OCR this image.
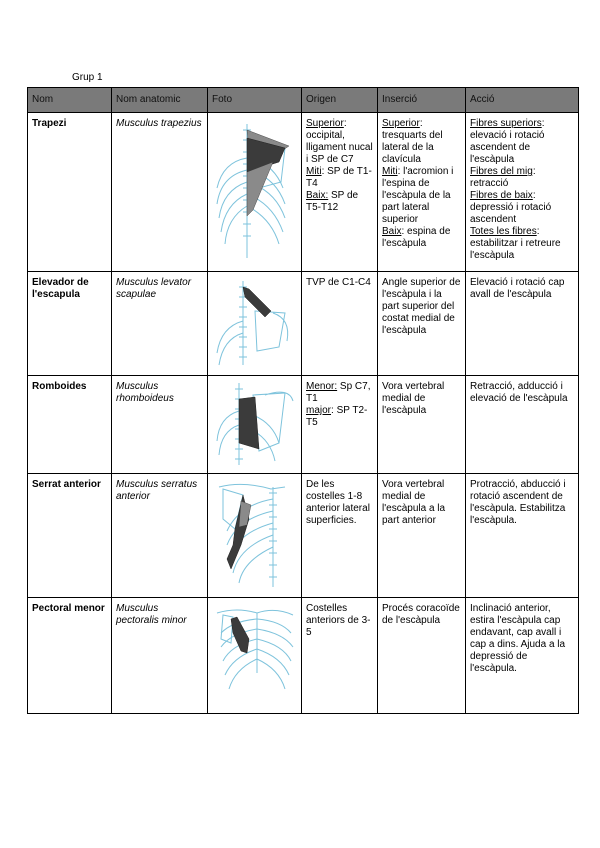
Grup 1
Nom	Nom anatomic	Foto	Origen	Inserció	Acció
Trapezi	Musculus trapezius		Superior: occipital, lligament nucal i SP de C7
Miti: SP de T1-T4
Baix: SP de T5-T12	Superior: tresquarts del lateral de la clavícula
Miti: l'acromion i l'espina de l'escàpula de la part lateral superior
Baix: espina de l'escàpula	Fibres superiors: elevació i rotació ascendent de l'escàpula
Fibres del mig: retracció
Fibres de baix: depressió i rotació ascendent
Totes les fibres: estabilitzar i retreure l'escàpula
Elevador de l'escapula	Musculus levator scapulae		TVP de C1-C4	Angle superior de l'escàpula i la part superior del costat medial de l'escàpula	Elevació i rotació cap avall de l'escàpula
Romboides	Musculus rhomboideus		Menor: Sp C7, T1
major: SP T2-T5	Vora vertebral medial de l'escàpula	Retracció, adducció i elevació de l'escàpula
Serrat anterior	Musculus serratus anterior		De les costelles 1-8 anterior lateral superficies.	Vora vertebral medial de l'escàpula a la part anterior	Protracció, abducció i rotació ascendent de l'escàpula. Estabilitza l'escàpula.
Pectoral menor	Musculus pectoralis minor		Costelles anteriors de 3-5	Procés coracoïde de l'escàpula	Inclinació anterior, estira l'escàpula cap endavant, cap avall i cap a dins. Ajuda a la depressió de l'escàpula.
